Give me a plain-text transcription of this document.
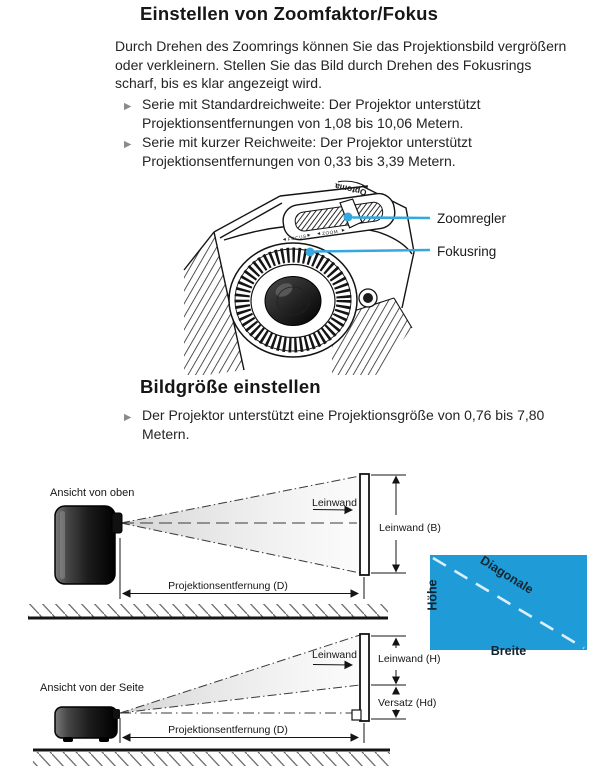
Einstellen von Zoomfaktor/Fokus

Durch Drehen des Zoomrings können Sie das Projektionsbild vergrößern oder verkleinern. Stellen Sie das Bild durch Drehen des Fokusrings scharf, bis es klar angezeigt wird.

▶ Serie mit Standardreichweite: Der Projektor unterstützt Projektionsentfernungen von 1,08 bis 10,06 Metern.
▶ Serie mit kurzer Reichweite: Der Projektor unterstützt Projektionsentfernungen von 0,33 bis 3,39 Metern.
ZOOM
FOCUS
Optoma
Zoomregler
Fokusring
Bildgröße einstellen
▶ Der Projektor unterstützt eine Projektionsgröße von 0,76 bis 7,80 Metern.
Ansicht von oben
Leinwand
Leinwand (B)
Projektionsentfernung (D)
Ansicht von der Seite
Leinwand Leinwand (H)
Versatz (Hd)
Projektionsentfernung (D)
Diagonale
Höhe
Breite
